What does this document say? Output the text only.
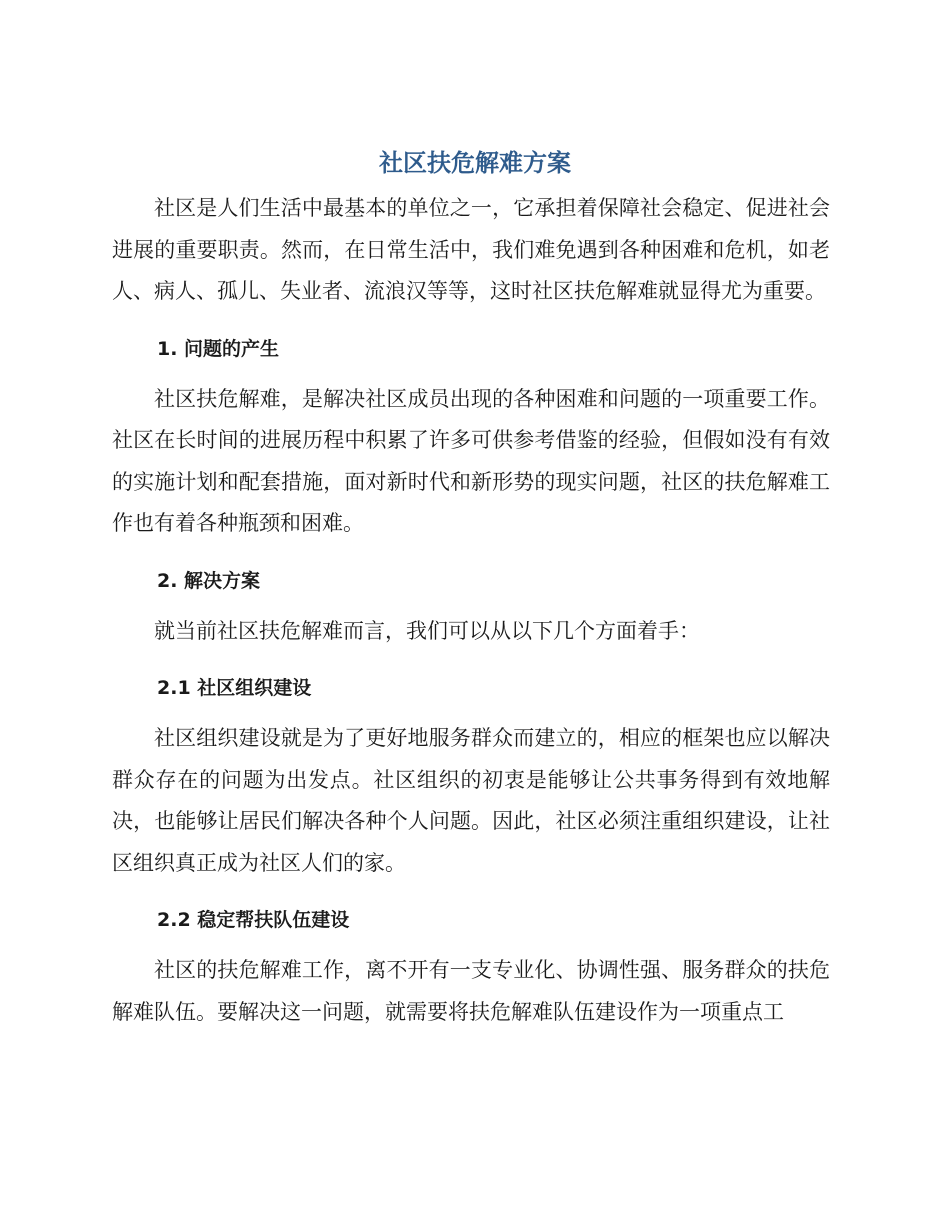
社区扶危解难方案

社区是人们生活中最基本的单位之一，它承担着保障社会稳定、促进社会进展的重要职责。然而，在日常生活中，我们难免遇到各种困难和危机，如老人、病人、孤儿、失业者、流浪汉等等，这时社区扶危解难就显得尤为重要。

1. 问题的产生

社区扶危解难，是解决社区成员出现的各种困难和问题的一项重要工作。社区在长时间的进展历程中积累了许多可供参考借鉴的经验，但假如没有有效的实施计划和配套措施，面对新时代和新形势的现实问题，社区的扶危解难工作也有着各种瓶颈和困难。

2. 解决方案

就当前社区扶危解难而言，我们可以从以下几个方面着手：

2.1 社区组织建设

社区组织建设就是为了更好地服务群众而建立的，相应的框架也应以解决群众存在的问题为出发点。社区组织的初衷是能够让公共事务得到有效地解决，也能够让居民们解决各种个人问题。因此，社区必须注重组织建设，让社区组织真正成为社区人们的家。

2.2 稳定帮扶队伍建设

社区的扶危解难工作，离不开有一支专业化、协调性强、服务群众的扶危解难队伍。要解决这一问题，就需要将扶危解难队伍建设作为一项重点工
